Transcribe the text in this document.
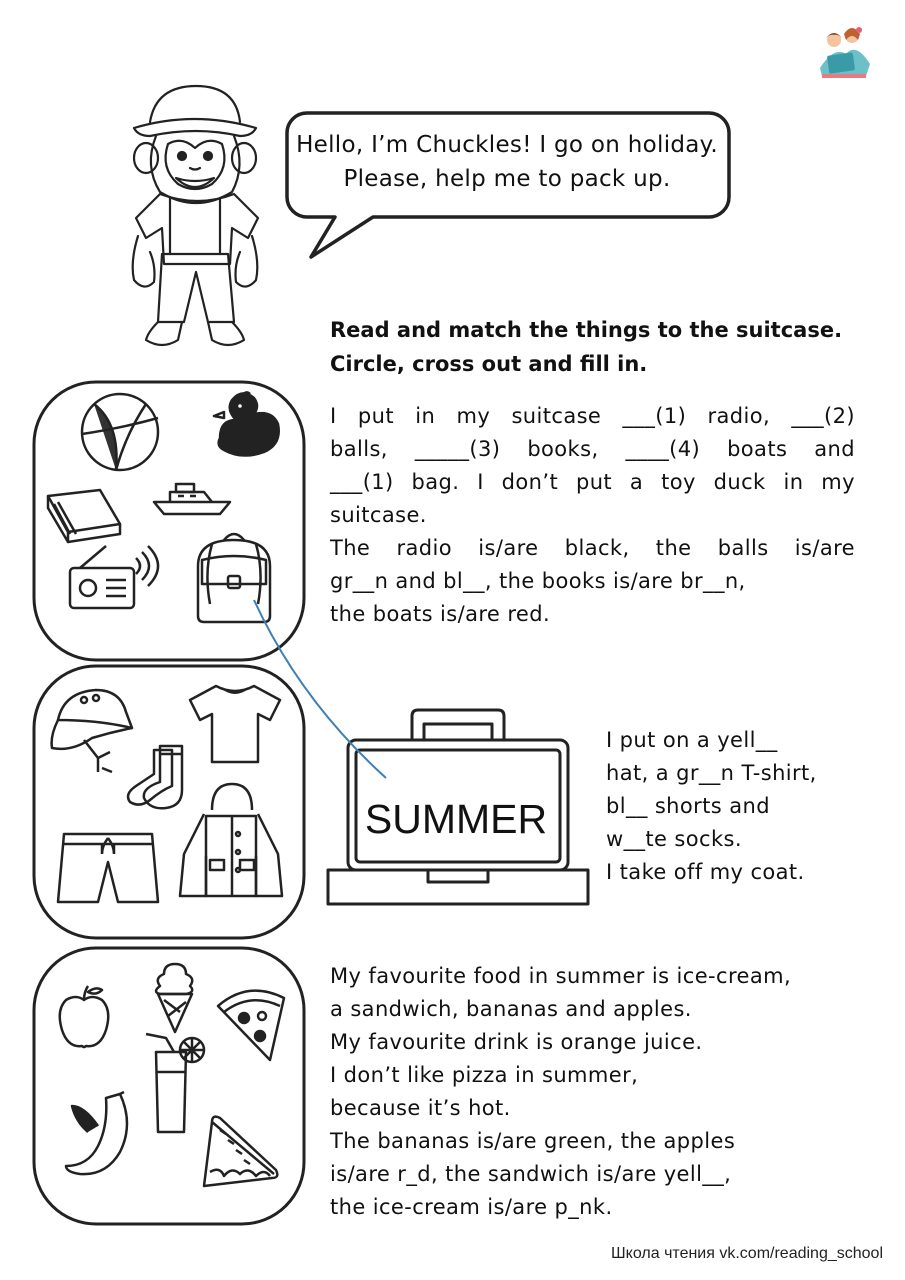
Hello, I’m Chuckles! I go on holiday.
Please, help me to pack up.
Read and match the things to the suitcase.
Circle, cross out and fill in.
I put in my suitcase ___(1) radio, ___(2)
balls, _____(3) books, ____(4) boats and
___(1) bag. I don’t put a toy duck in my
suitcase.
The radio is/are black, the balls is/are
gr__n and bl__, the books is/are br__n,
the boats is/are red.
SUMMER
I put on a yell__
hat, a gr__n T-shirt,
bl__ shorts and
w__te socks.
I take off my coat.
My favourite food in summer is ice-cream,
a sandwich, bananas and apples.
My favourite drink is orange juice.
I don’t like pizza in summer,
because it’s hot.
The bananas is/are green, the apples
is/are r_d, the sandwich is/are yell__,
the ice-cream is/are p_nk.
Школа чтения vk.com/reading_school
